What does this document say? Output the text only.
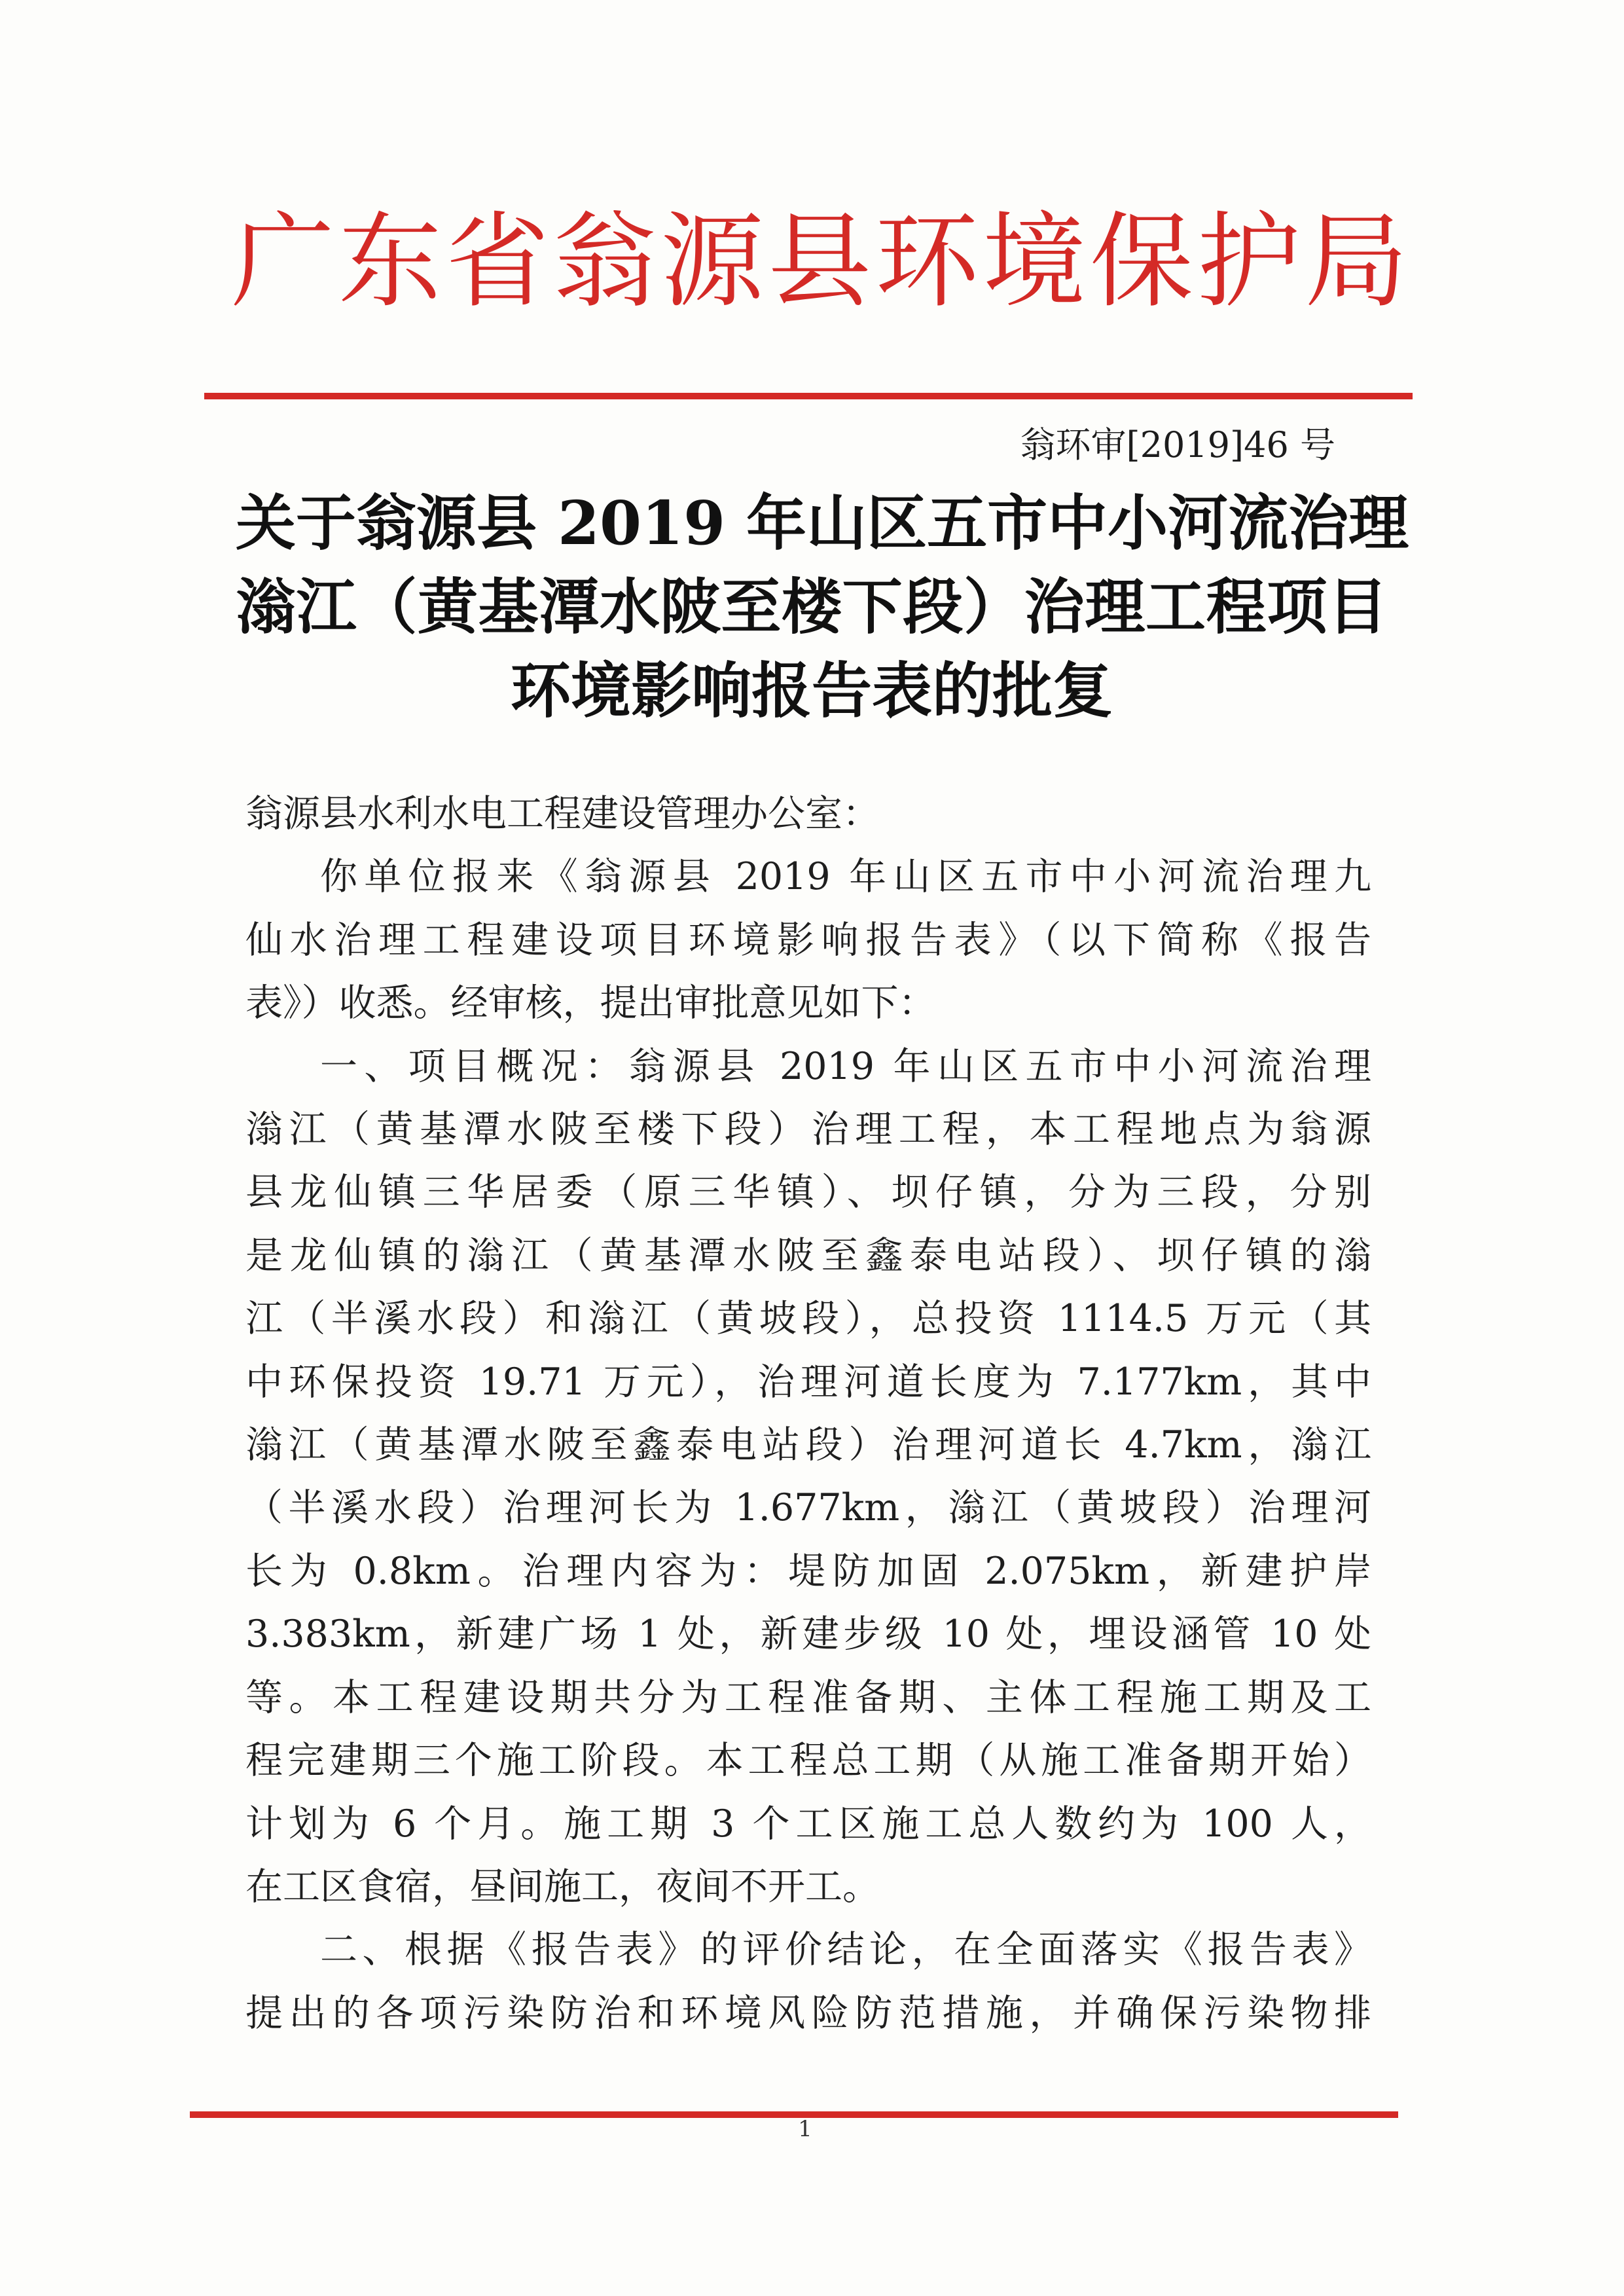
广东省翁源县环境保护局
翁环审[2019]46 号
关于翁源县 2019 年山区五市中小河流治理
滃江（黄基潭水陂至楼下段）治理工程项目
环境影响报告表的批复
翁源县水利水电工程建设管理办公室：
你单位报来《翁源县 2019 年山区五市中小河流治理九
仙水治理工程建设项目环境影响报告表》（以下简称《报告
表》）收悉。经审核，提出审批意见如下：
一、项目概况：翁源县 2019 年山区五市中小河流治理
滃江（黄基潭水陂至楼下段）治理工程，本工程地点为翁源
县龙仙镇三华居委（原三华镇）、坝仔镇，分为三段，分别
是龙仙镇的滃江（黄基潭水陂至鑫泰电站段）、坝仔镇的滃
江（半溪水段）和滃江（黄坡段），总投资 1114.5 万元（其
中环保投资 19.71 万元），治理河道长度为 7.177km，其中
滃江（黄基潭水陂至鑫泰电站段）治理河道长 4.7km，滃江
（半溪水段）治理河长为 1.677km，滃江（黄坡段）治理河
长为 0.8km。治理内容为：堤防加固 2.075km，新建护岸
3.383km，新建广场 1 处，新建步级 10 处，埋设涵管 10 处
等。本工程建设期共分为工程准备期、主体工程施工期及工
程完建期三个施工阶段。本工程总工期（从施工准备期开始）
计划为 6 个月。施工期 3 个工区施工总人数约为 100 人，
在工区食宿，昼间施工，夜间不开工。
二、根据《报告表》的评价结论，在全面落实《报告表》
提出的各项污染防治和环境风险防范措施，并确保污染物排
1
